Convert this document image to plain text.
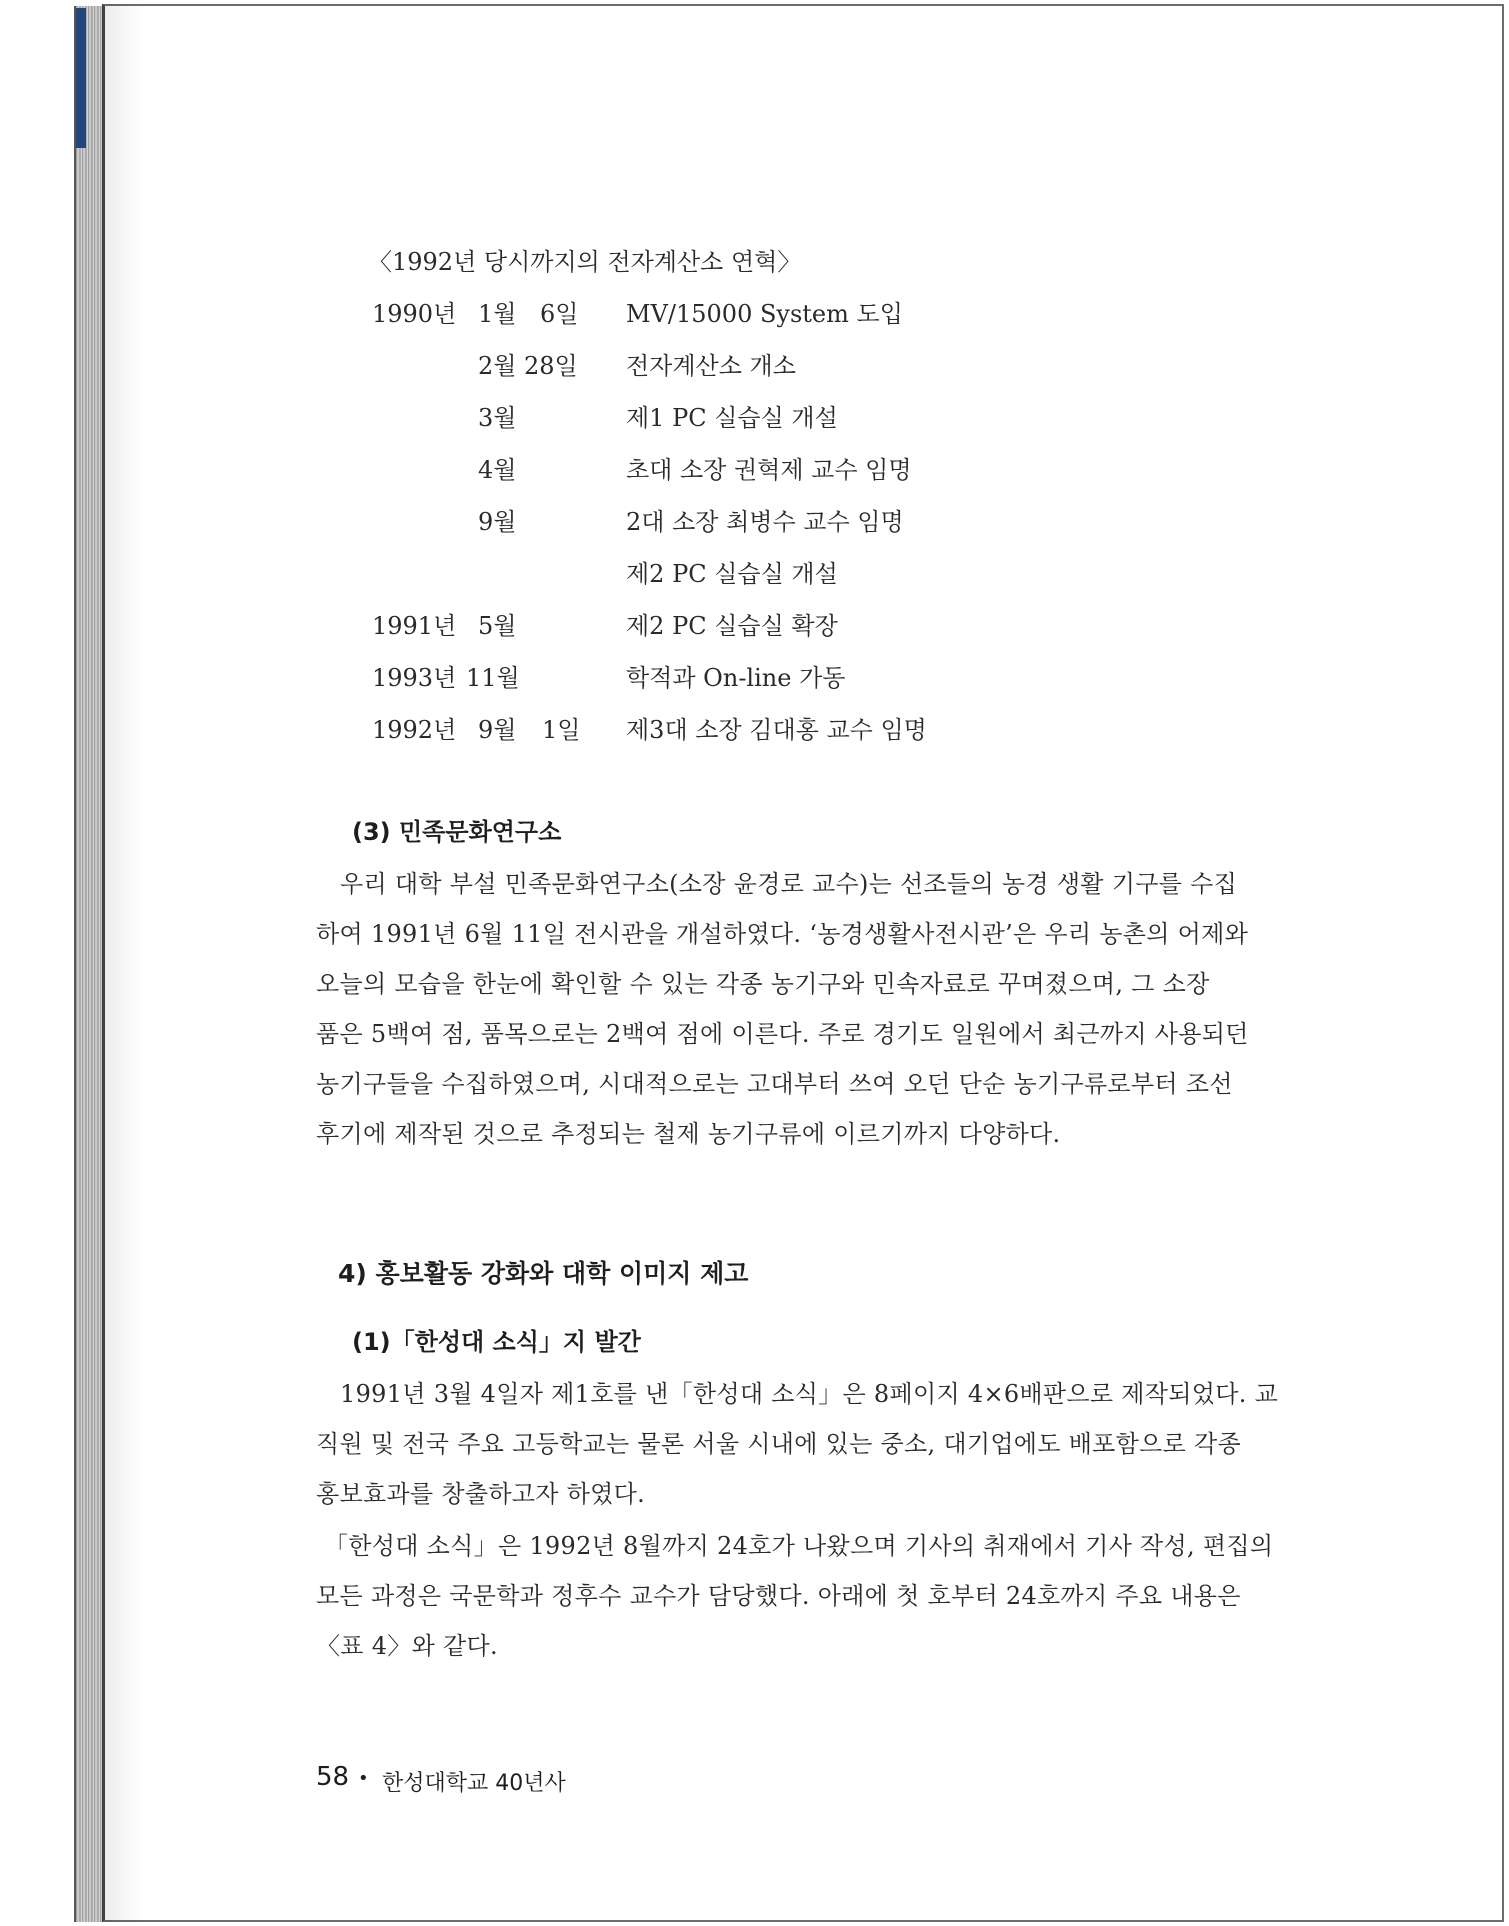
〈1992년 당시까지의 전자계산소 연혁〉
1990년 1월 6일 MV/15000 System 도입
2월 28일 전자계산소 개소
3월	제1 PC 실습실 개설
4월	초대 소장 권혁제 교수 임명
9월	2대 소장 최병수 교수 임명
제2 PC 실습실 개설
1991년 5월	제2 PC 실습실 확장
1993년 11월	학적과 On-line 가동
1992년 9월 1일 제3대 소장 김대홍 교수 임명
(3) 민족문화연구소
우리 대학 부설 민족문화연구소(소장 윤경로 교수)는 선조들의 농경 생활 기구를 수집
하여 1991년 6월 11일 전시관을 개설하였다. ‘농경생활사전시관’은 우리 농촌의 어제와
오늘의 모습을 한눈에 확인할 수 있는 각종 농기구와 민속자료로 꾸며졌으며, 그 소장
품은 5백여 점, 품목으로는 2백여 점에 이른다. 주로 경기도 일원에서 최근까지 사용되던
농기구들을 수집하였으며, 시대적으로는 고대부터 쓰여 오던 단순 농기구류로부터 조선
후기에 제작된 것으로 추정되는 철제 농기구류에 이르기까지 다양하다.
4) 홍보활동 강화와 대학 이미지 제고
(1)「한성대 소식」지 발간
1991년 3월 4일자 제1호를 낸「한성대 소식」은 8페이지 4×6배판으로 제작되었다. 교
직원 및 전국 주요 고등학교는 물론 서울 시내에 있는 중소, 대기업에도 배포함으로 각종
홍보효과를 창출하고자 하였다.
「한성대 소식」은 1992년 8월까지 24호가 나왔으며 기사의 취재에서 기사 작성, 편집의
모든 과정은 국문학과 정후수 교수가 담당했다. 아래에 첫 호부터 24호까지 주요 내용은
〈표 4〉와 같다.
58 • 한성대학교 40년사
